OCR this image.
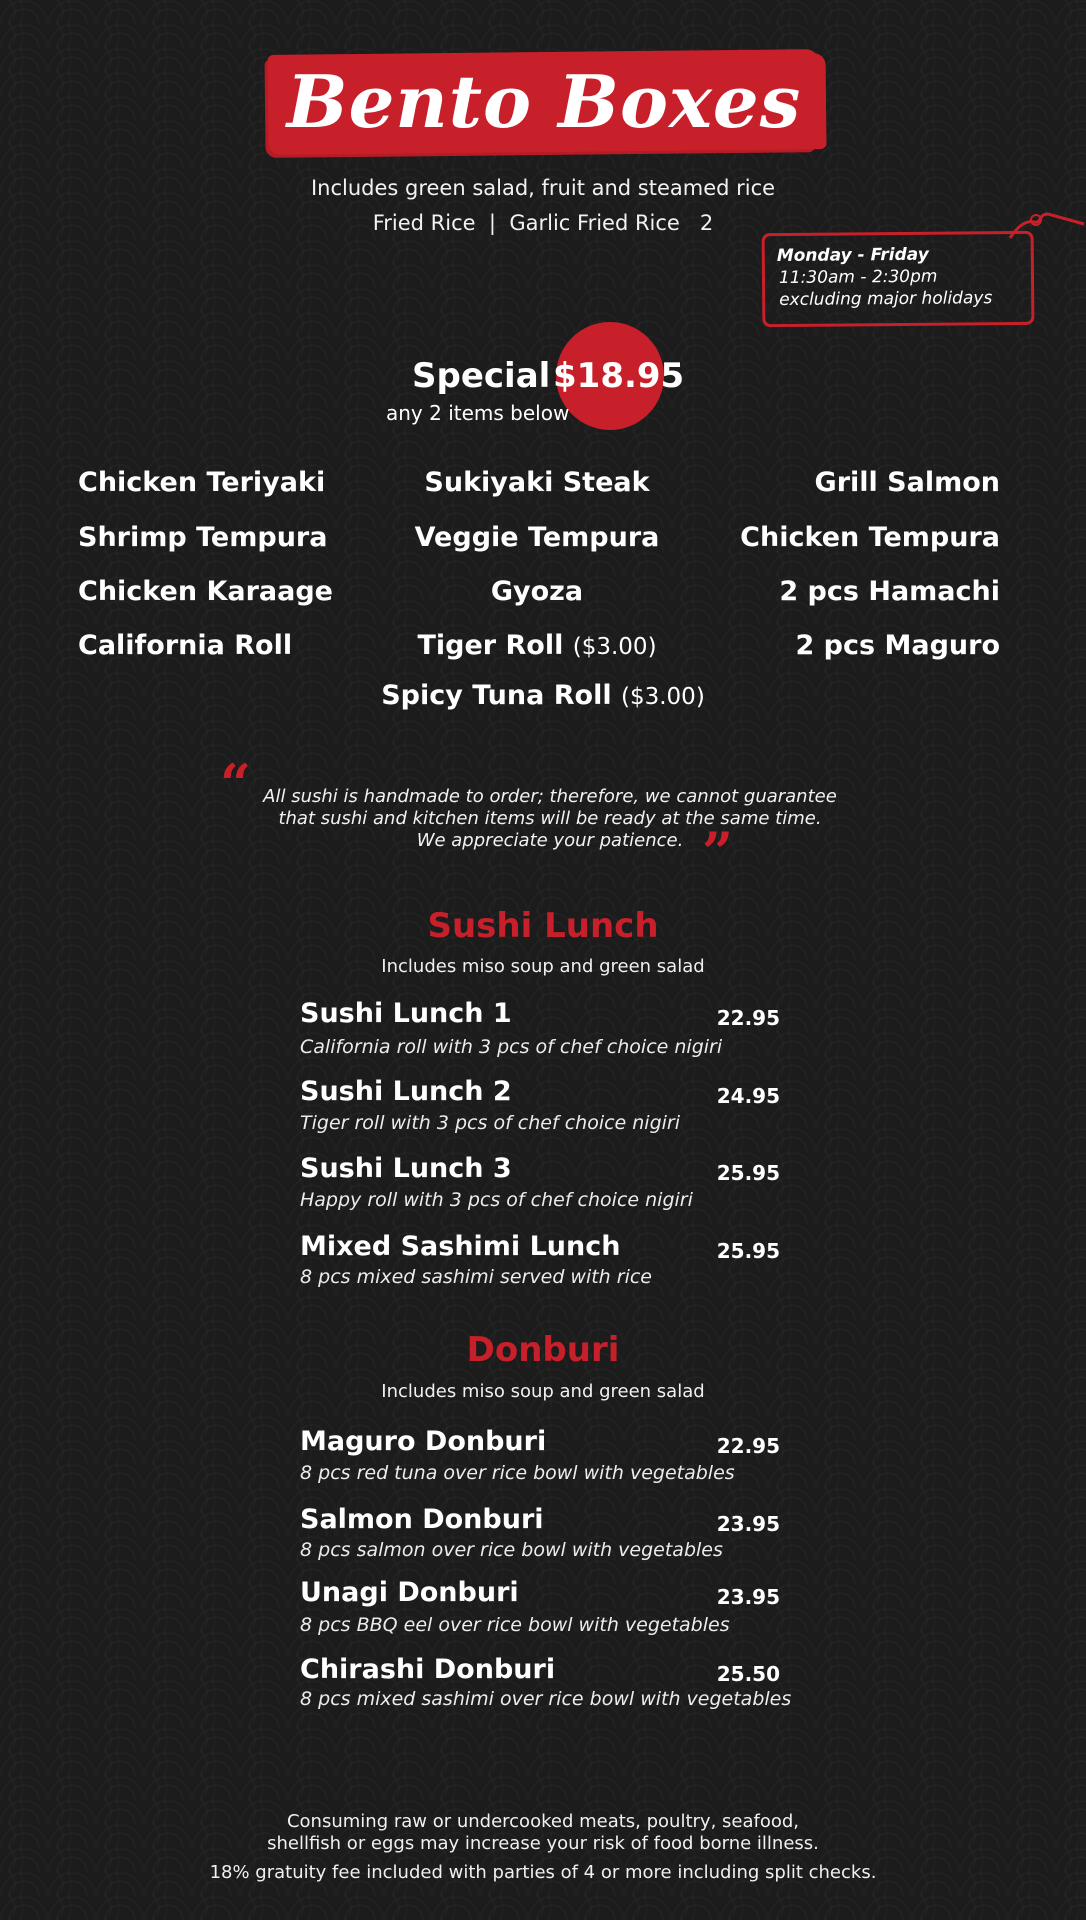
Bento Boxes
Includes green salad, fruit and steamed rice
Fried Rice  |  Garlic Fried Rice   2
Monday - Friday
11:30am - 2:30pm
excluding major holidays
Special $18.95
any 2 items below
Chicken Teriyaki
Shrimp Tempura
Chicken Karaage
California Roll
Sukiyaki Steak
Veggie Tempura
Gyoza
Tiger Roll ($3.00)
Grill Salmon
Chicken Tempura
2 pcs Hamachi
2 pcs Maguro
Spicy Tuna Roll ($3.00)
“ All sushi is handmade to order; therefore, we cannot guarantee
that sushi and kitchen items will be ready at the same time.
We appreciate your patience. ”
Sushi Lunch
Includes miso soup and green salad
Sushi Lunch 1	22.95
California roll with 3 pcs of chef choice nigiri
Sushi Lunch 2	24.95
Tiger roll with 3 pcs of chef choice nigiri
Sushi Lunch 3	25.95
Happy roll with 3 pcs of chef choice nigiri
Mixed Sashimi Lunch	25.95
8 pcs mixed sashimi served with rice
Donburi
Includes miso soup and green salad
Maguro Donburi	22.95
8 pcs red tuna over rice bowl with vegetables
Salmon Donburi	23.95
8 pcs salmon over rice bowl with vegetables
Unagi Donburi	23.95
8 pcs BBQ eel over rice bowl with vegetables
Chirashi Donburi	25.50
8 pcs mixed sashimi over rice bowl with vegetables
Consuming raw or undercooked meats, poultry, seafood,
shellfish or eggs may increase your risk of food borne illness.
18% gratuity fee included with parties of 4 or more including split checks.
